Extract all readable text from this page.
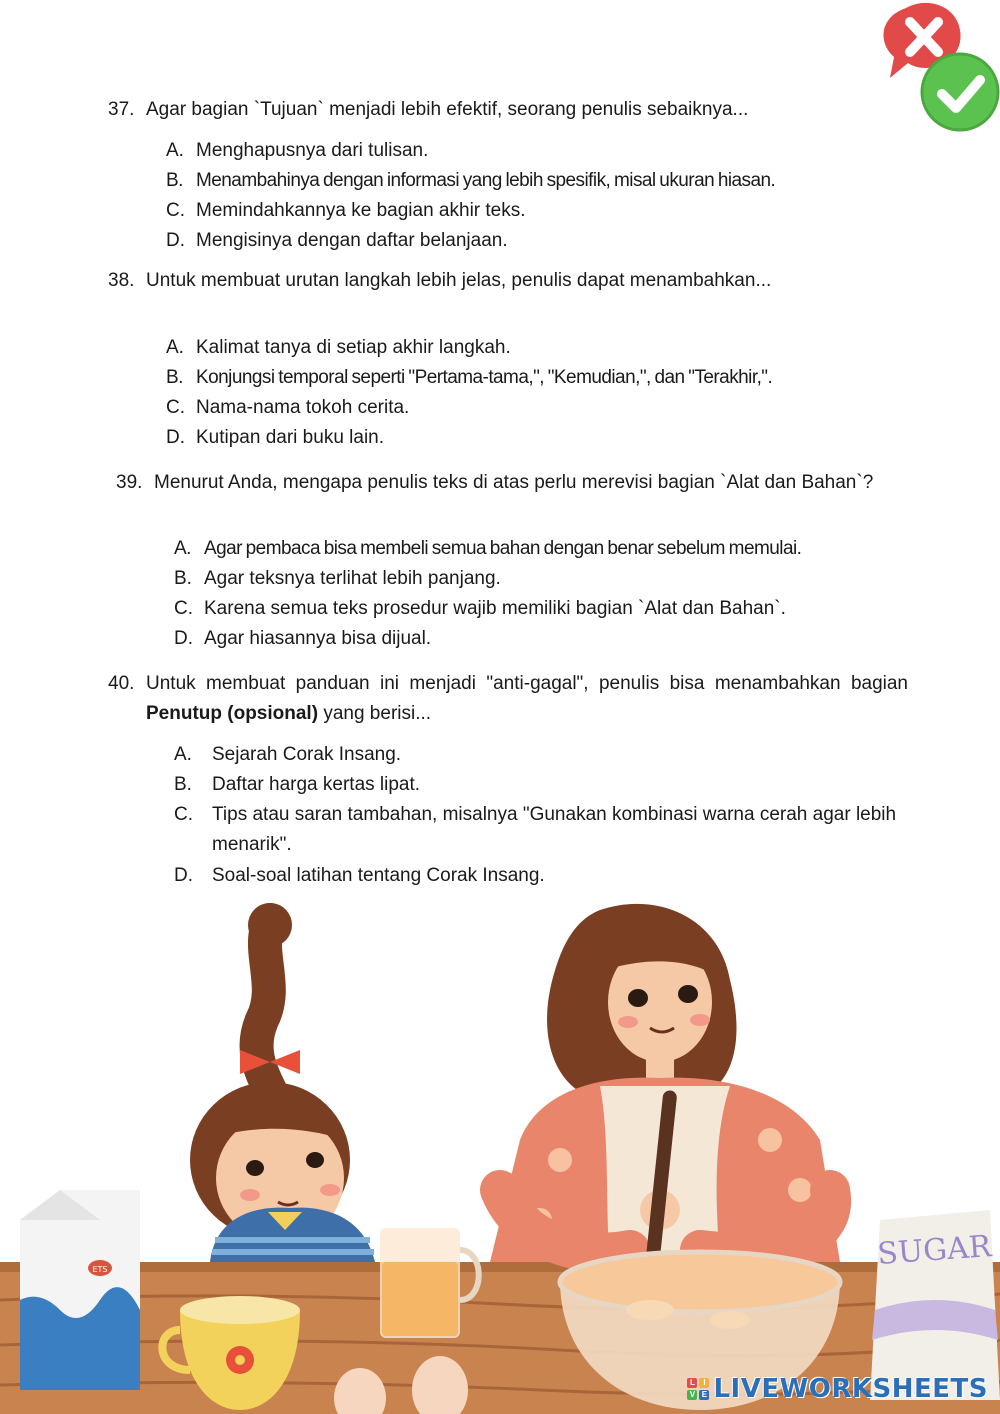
37. Agar bagian `Tujuan` menjadi lebih efektif, seorang penulis sebaiknya...
A. Menghapusnya dari tulisan.
B. Menambahinya dengan informasi yang lebih spesifik, misal ukuran hiasan.
C. Memindahkannya ke bagian akhir teks.
D. Mengisinya dengan daftar belanjaan.
38. Untuk membuat urutan langkah lebih jelas, penulis dapat menambahkan...
A. Kalimat tanya di setiap akhir langkah.
B. Konjungsi temporal seperti "Pertama-tama,", "Kemudian,", dan "Terakhir,".
C. Nama-nama tokoh cerita.
D. Kutipan dari buku lain.
39. Menurut Anda, mengapa penulis teks di atas perlu merevisi bagian `Alat dan Bahan`?
A. Agar pembaca bisa membeli semua bahan dengan benar sebelum memulai.
B. Agar teksnya terlihat lebih panjang.
C. Karena semua teks prosedur wajib memiliki bagian `Alat dan Bahan`.
D. Agar hiasannya bisa dijual.
40. Untuk membuat panduan ini menjadi "anti-gagal", penulis bisa menambahkan bagian Penutup (opsional) yang berisi...
A. Sejarah Corak Insang.
B. Daftar harga kertas lipat.
C.	Tips atau saran tambahan, misalnya "Gunakan kombinasi warna cerah agar lebih menarik".
D. Soal-soal latihan tentang Corak Insang.
ETS	SUGAR
L	I
V E LIVEWORKSHEETS
